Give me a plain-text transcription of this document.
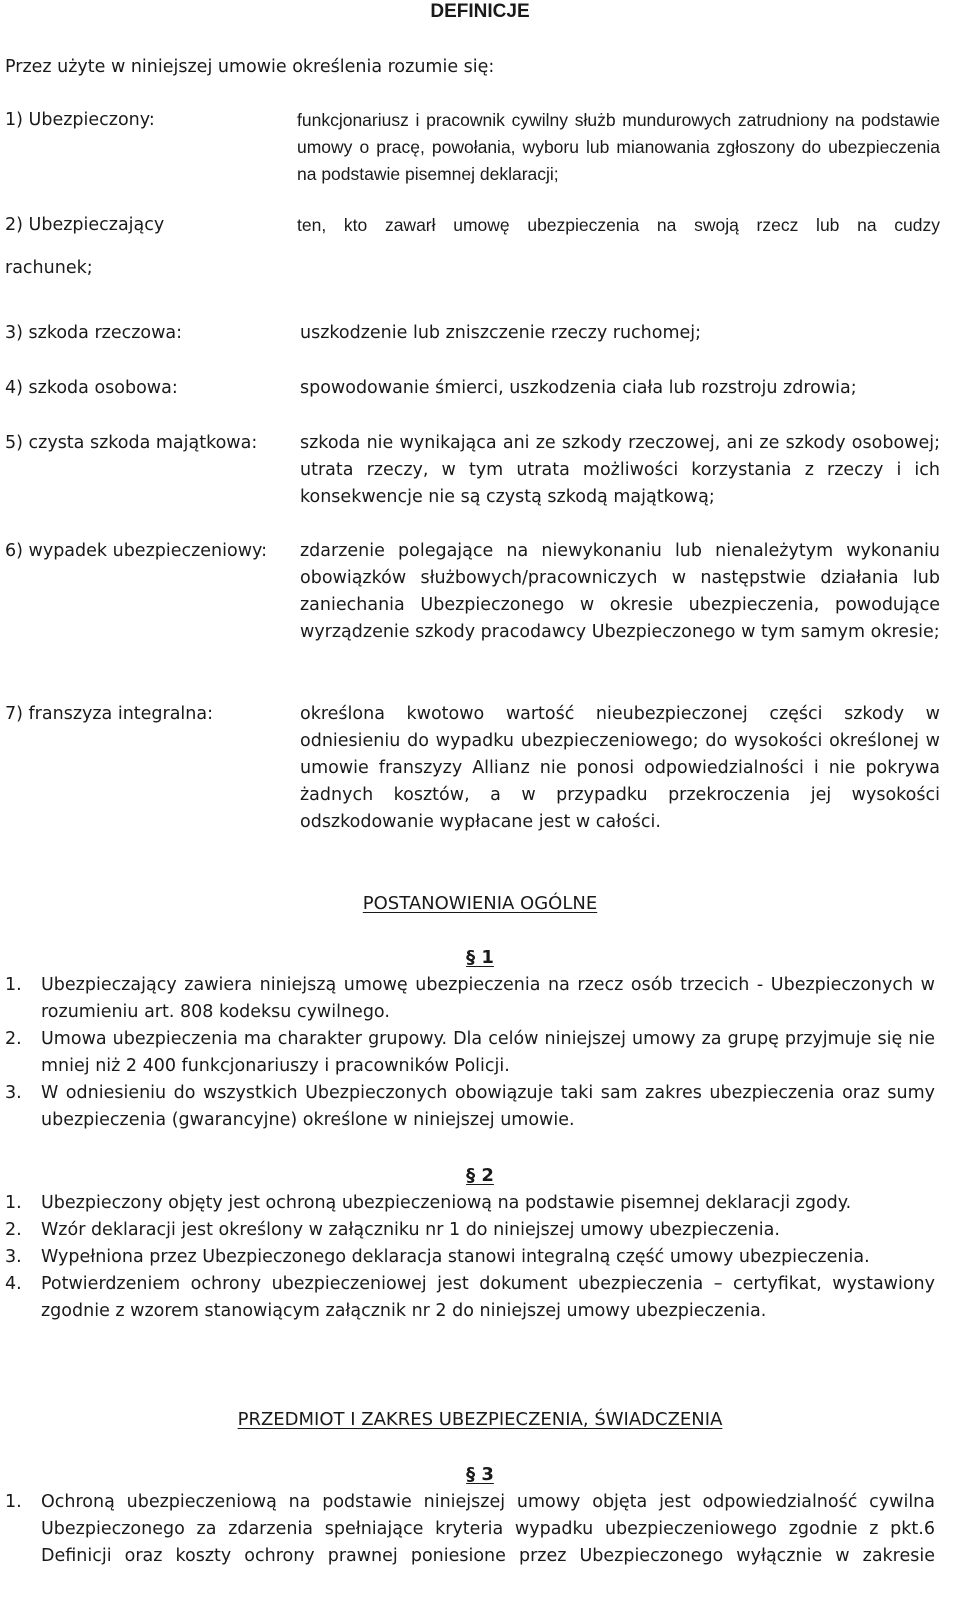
DEFINICJE
Przez użyte w niniejszej umowie określenia rozumie się:
1) Ubezpieczony:	funkcjonariusz i pracownik cywilny służb mundurowych zatrudniony na podstawie umowy o pracę, powołania, wyboru lub mianowania zgłoszony do ubezpieczenia na podstawie pisemnej deklaracji;
2) Ubezpieczający	ten, kto zawarł umowę ubezpieczenia na swoją rzecz lub na cudzy
rachunek;
3) szkoda rzeczowa:	uszkodzenie lub zniszczenie rzeczy ruchomej;
4) szkoda osobowa:	spowodowanie śmierci, uszkodzenia ciała lub rozstroju zdrowia;
5) czysta szkoda majątkowa: szkoda nie wynikająca ani ze szkody rzeczowej, ani ze szkody osobowej; utrata rzeczy, w tym utrata możliwości korzystania z rzeczy i ich konsekwencje nie są czystą szkodą majątkową;
6) wypadek ubezpieczeniowy: zdarzenie polegające na niewykonaniu lub nienależytym wykonaniu obowiązków służbowych/pracowniczych w następstwie działania lub zaniechania Ubezpieczonego w okresie ubezpieczenia, powodujące wyrządzenie szkody pracodawcy Ubezpieczonego w tym samym okresie;
7) franszyza integralna:	określona kwotowo wartość nieubezpieczonej części szkody w odniesieniu do wypadku ubezpieczeniowego; do wysokości określonej w umowie franszyzy Allianz nie ponosi odpowiedzialności i nie pokrywa żadnych kosztów, a w przypadku przekroczenia jej wysokości odszkodowanie wypłacane jest w całości.
POSTANOWIENIA OGÓLNE
§ 1
1. Ubezpieczający zawiera niniejszą umowę ubezpieczenia na rzecz osób trzecich - Ubezpieczonych w rozumieniu art. 808 kodeksu cywilnego.
2. Umowa ubezpieczenia ma charakter grupowy. Dla celów niniejszej umowy za grupę przyjmuje się nie mniej niż 2 400 funkcjonariuszy i pracowników Policji.
3. W odniesieniu do wszystkich Ubezpieczonych obowiązuje taki sam zakres ubezpieczenia oraz sumy ubezpieczenia (gwarancyjne) określone w niniejszej umowie.
§ 2
1. Ubezpieczony objęty jest ochroną ubezpieczeniową na podstawie pisemnej deklaracji zgody.
2. Wzór deklaracji jest określony w załączniku nr 1 do niniejszej umowy ubezpieczenia.
3. Wypełniona przez Ubezpieczonego deklaracja stanowi integralną część umowy ubezpieczenia.
4. Potwierdzeniem ochrony ubezpieczeniowej jest dokument ubezpieczenia – certyfikat, wystawiony zgodnie z wzorem stanowiącym załącznik nr 2 do niniejszej umowy ubezpieczenia.
PRZEDMIOT I ZAKRES UBEZPIECZENIA, ŚWIADCZENIA
§ 3
1. Ochroną ubezpieczeniową na podstawie niniejszej umowy objęta jest odpowiedzialność cywilna Ubezpieczonego za zdarzenia spełniające kryteria wypadku ubezpieczeniowego zgodnie z pkt.6 Definicji oraz koszty ochrony prawnej poniesione przez Ubezpieczonego wyłącznie w zakresie
